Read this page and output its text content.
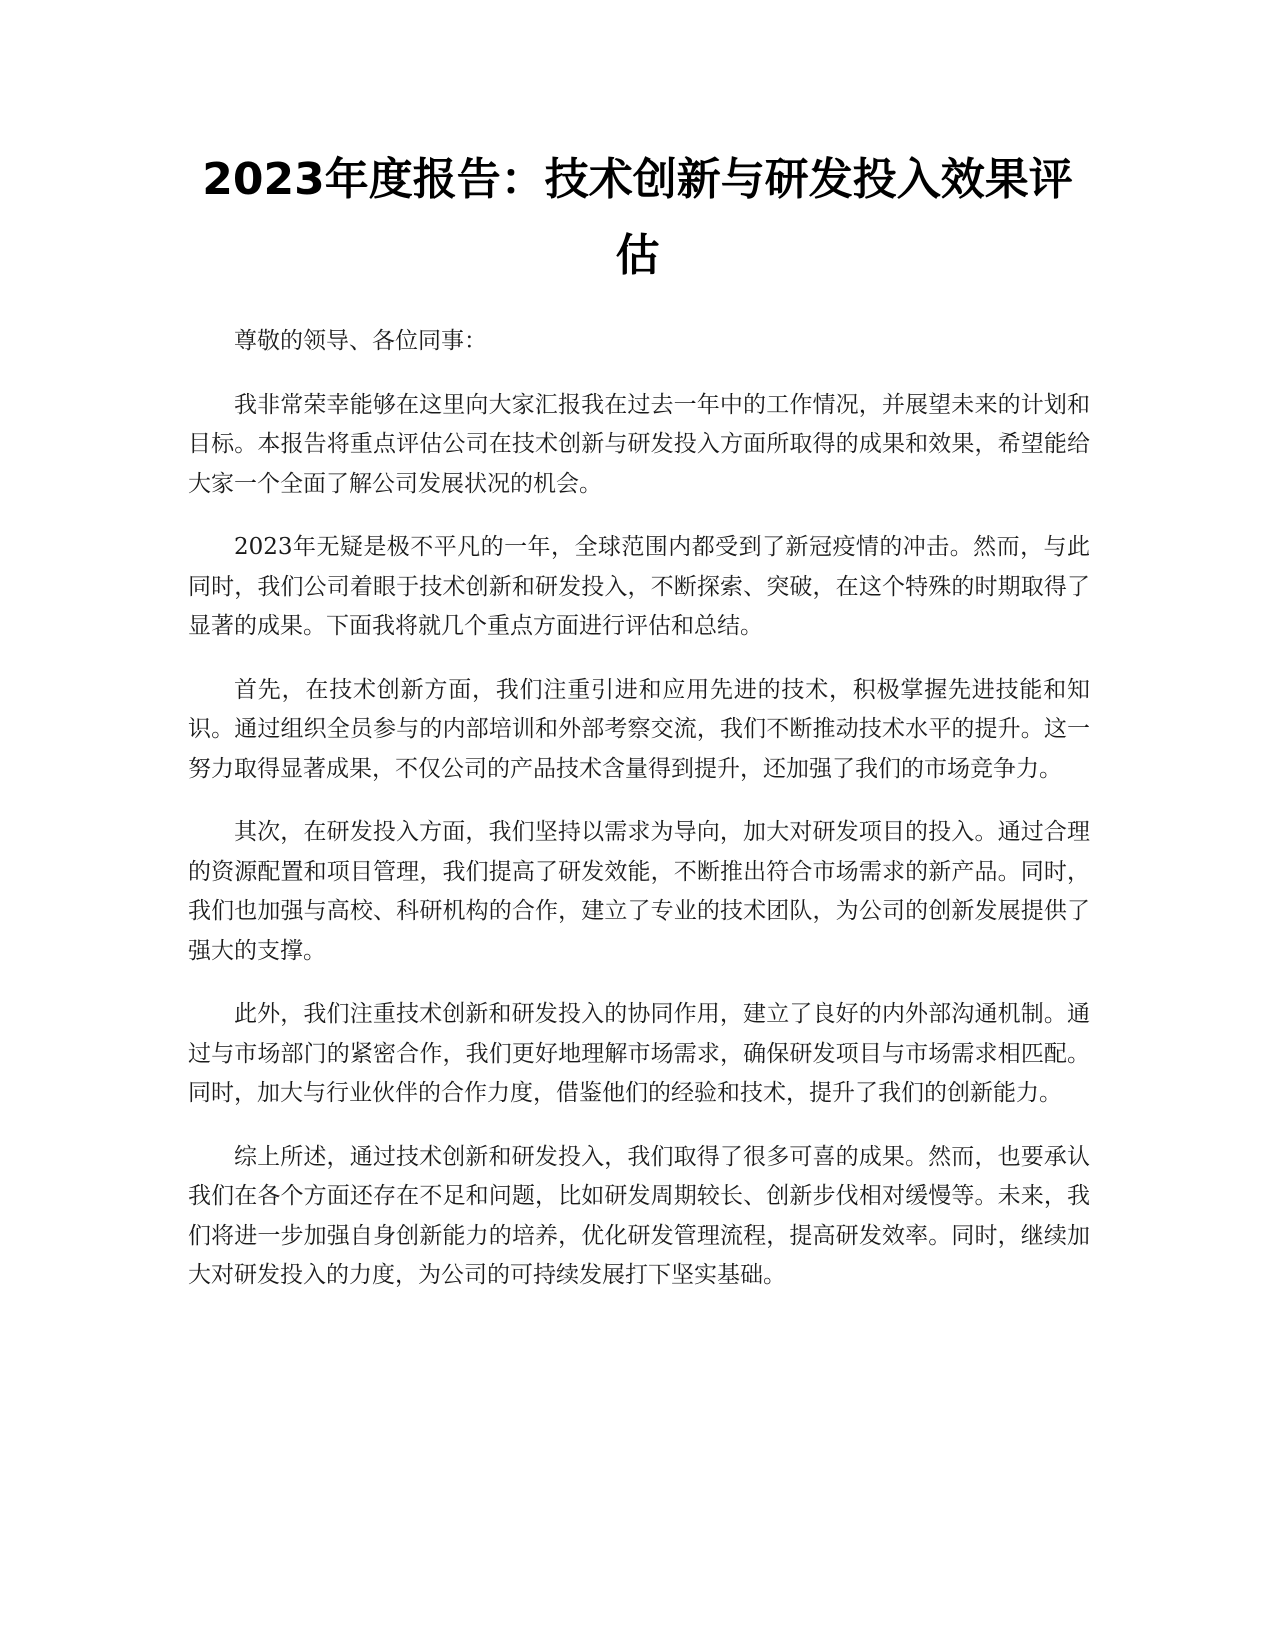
2023年度报告：技术创新与研发投入效果评估

尊敬的领导、各位同事：

我非常荣幸能够在这里向大家汇报我在过去一年中的工作情况，并展望未来的计划和目标。本报告将重点评估公司在技术创新与研发投入方面所取得的成果和效果，希望能给大家一个全面了解公司发展状况的机会。

2023年无疑是极不平凡的一年，全球范围内都受到了新冠疫情的冲击。然而，与此同时，我们公司着眼于技术创新和研发投入，不断探索、突破，在这个特殊的时期取得了显著的成果。下面我将就几个重点方面进行评估和总结。

首先，在技术创新方面，我们注重引进和应用先进的技术，积极掌握先进技能和知识。通过组织全员参与的内部培训和外部考察交流，我们不断推动技术水平的提升。这一努力取得显著成果，不仅公司的产品技术含量得到提升，还加强了我们的市场竞争力。

其次，在研发投入方面，我们坚持以需求为导向，加大对研发项目的投入。通过合理的资源配置和项目管理，我们提高了研发效能，不断推出符合市场需求的新产品。同时，我们也加强与高校、科研机构的合作，建立了专业的技术团队，为公司的创新发展提供了强大的支撑。

此外，我们注重技术创新和研发投入的协同作用，建立了良好的内外部沟通机制。通过与市场部门的紧密合作，我们更好地理解市场需求，确保研发项目与市场需求相匹配。同时，加大与行业伙伴的合作力度，借鉴他们的经验和技术，提升了我们的创新能力。

综上所述，通过技术创新和研发投入，我们取得了很多可喜的成果。然而，也要承认我们在各个方面还存在不足和问题，比如研发周期较长、创新步伐相对缓慢等。未来，我们将进一步加强自身创新能力的培养，优化研发管理流程，提高研发效率。同时，继续加大对研发投入的力度，为公司的可持续发展打下坚实基础。
